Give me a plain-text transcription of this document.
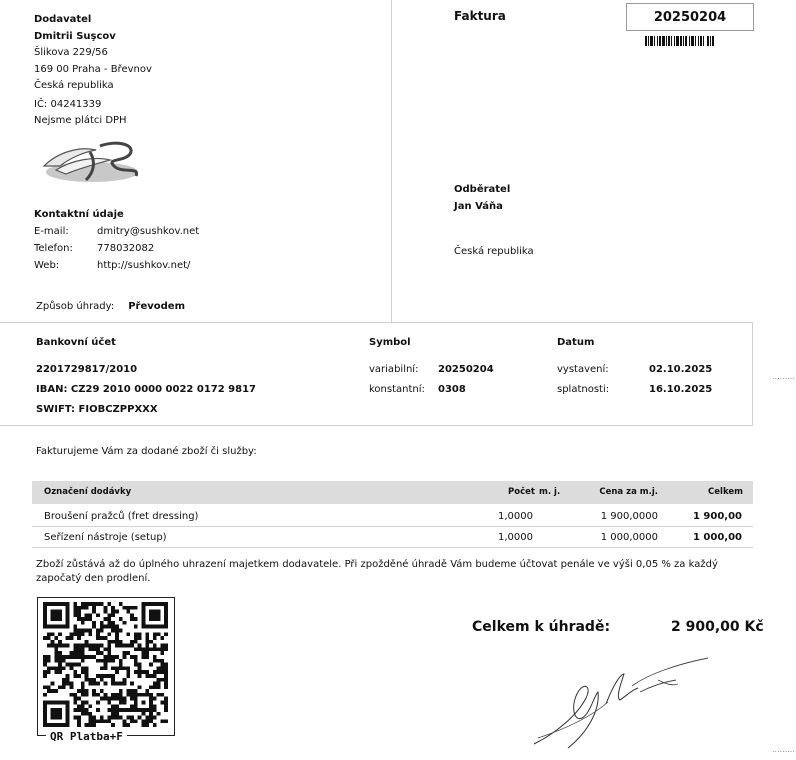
.........
.........
Dodavatel
Dmitrii Suşcov
Šlikova 229/56
169 00 Praha - Břevnov
Česká republika
IČ: 04241339
Nejsme plátci DPH
Kontaktní údaje
E-mail:	dmitry@sushkov.net
Telefon: 778032082
Web:	http://sushkov.net/
Způsob úhrady: Převodem
Faktura	20250204
Odběratel
Jan Váňa
Česká republika
Bankovní účet
2201729817/2010
IBAN: CZ29 2010 0000 0022 0172 9817
SWIFT: FIOBCZPPXXX
Symbol
variabilní: 20250204
konstantní: 0308
Datum
vystavení:	02.10.2025
splatnosti:	16.10.2025
Fakturujeme Vám za dodané zboží či služby:
Označení dodávky	Počet m. j.	Cena za m.j.	Celkem
Broušení pražců (fret dressing)	1,0000	1 900,0000	1 900,00
Seřízení nástroje (setup)	1,0000	1 000,0000	1 000,00
Zboží zůstává až do úplného uhrazení majetkem dodavatele. Při zpožděné úhradě Vám budeme účtovat penále ve výši 0,05 % za každý započatý den prodlení.
QR Platba+F
Celkem k úhradě:	2 900,00 Kč
